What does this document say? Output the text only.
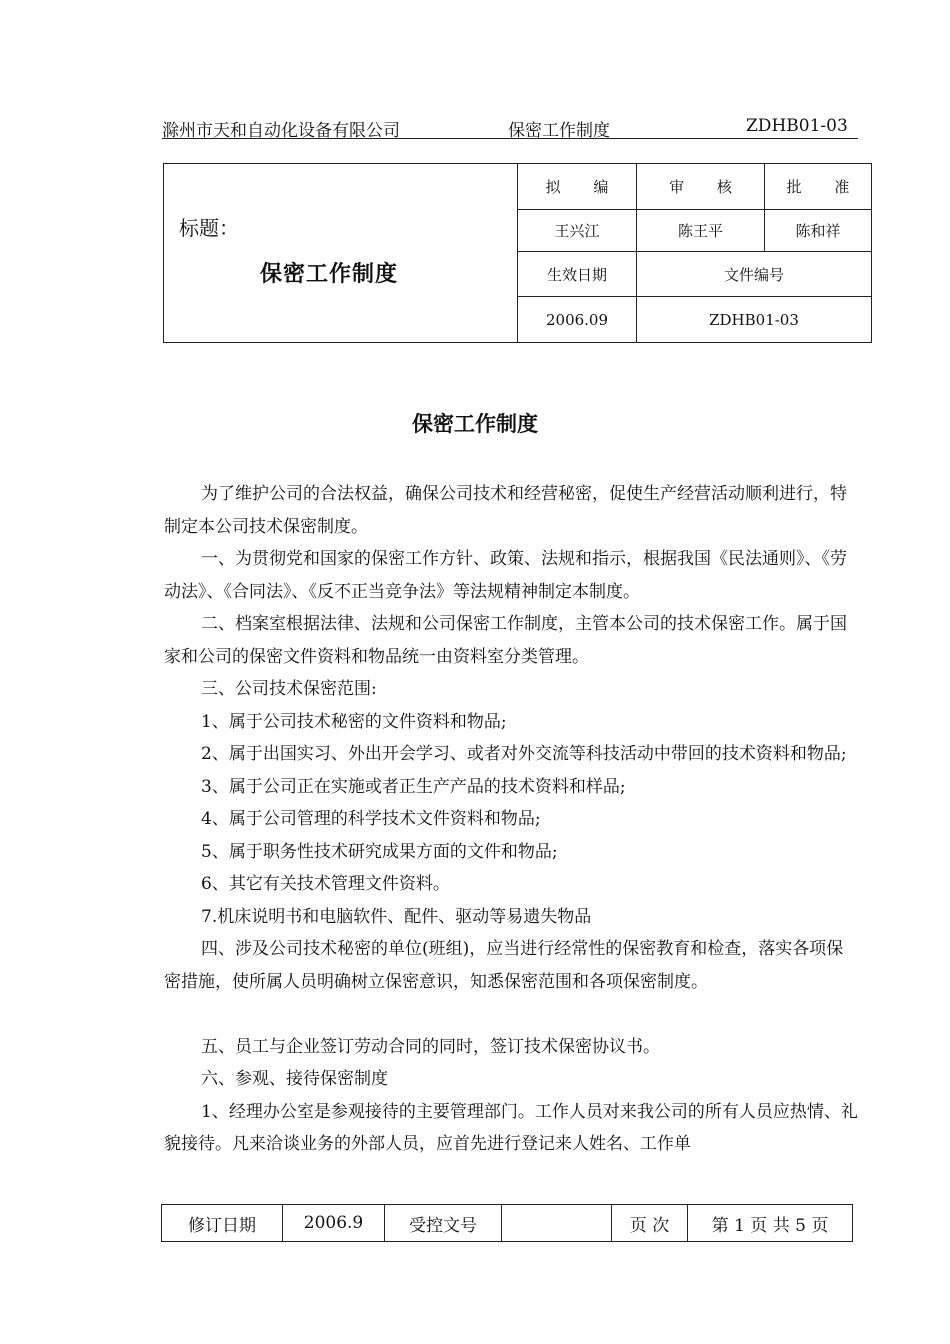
滁州市天和自动化设备有限公司	保密工作制度	ZDHB01-03
标题：
保密工作制度	拟 编	审 核	批 准
	王兴江	陈王平	陈和祥
	生效日期	文件编号	
	2006.09	ZDHB01-03	
保密工作制度

为了维护公司的合法权益，确保公司技术和经营秘密，促使生产经营活动顺利进行，特制定本公司技术保密制度。

一、为贯彻党和国家的保密工作方针、政策、法规和指示，根据我国《民法通则》、《劳动法》、《合同法》、《反不正当竞争法》等法规精神制定本制度。

二、档案室根据法律、法规和公司保密工作制度，主管本公司的技术保密工作。属于国家和公司的保密文件资料和物品统一由资料室分类管理。

三、公司技术保密范围:

1、属于公司技术秘密的文件资料和物品;

2、属于出国实习、外出开会学习、或者对外交流等科技活动中带回的技术资料和物品;

3、属于公司正在实施或者正生产产品的技术资料和样品;

4、属于公司管理的科学技术文件资料和物品;

5、属于职务性技术研究成果方面的文件和物品;

6、其它有关技术管理文件资料。

7.机床说明书和电脑软件、配件、驱动等易遗失物品

四、涉及公司技术秘密的单位(班组)，应当进行经常性的保密教育和检查，落实各项保密措施，使所属人员明确树立保密意识，知悉保密范围和各项保密制度。

五、员工与企业签订劳动合同的同时，签订技术保密协议书。

六、参观、接待保密制度

1、经理办公室是参观接待的主要管理部门。工作人员对来我公司的所有人员应热情、礼貌接待。凡来洽谈业务的外部人员，应首先进行登记来人姓名、工作单

修订日期	2006.9	受控文号		页 次	第 1 页 共 5 页
